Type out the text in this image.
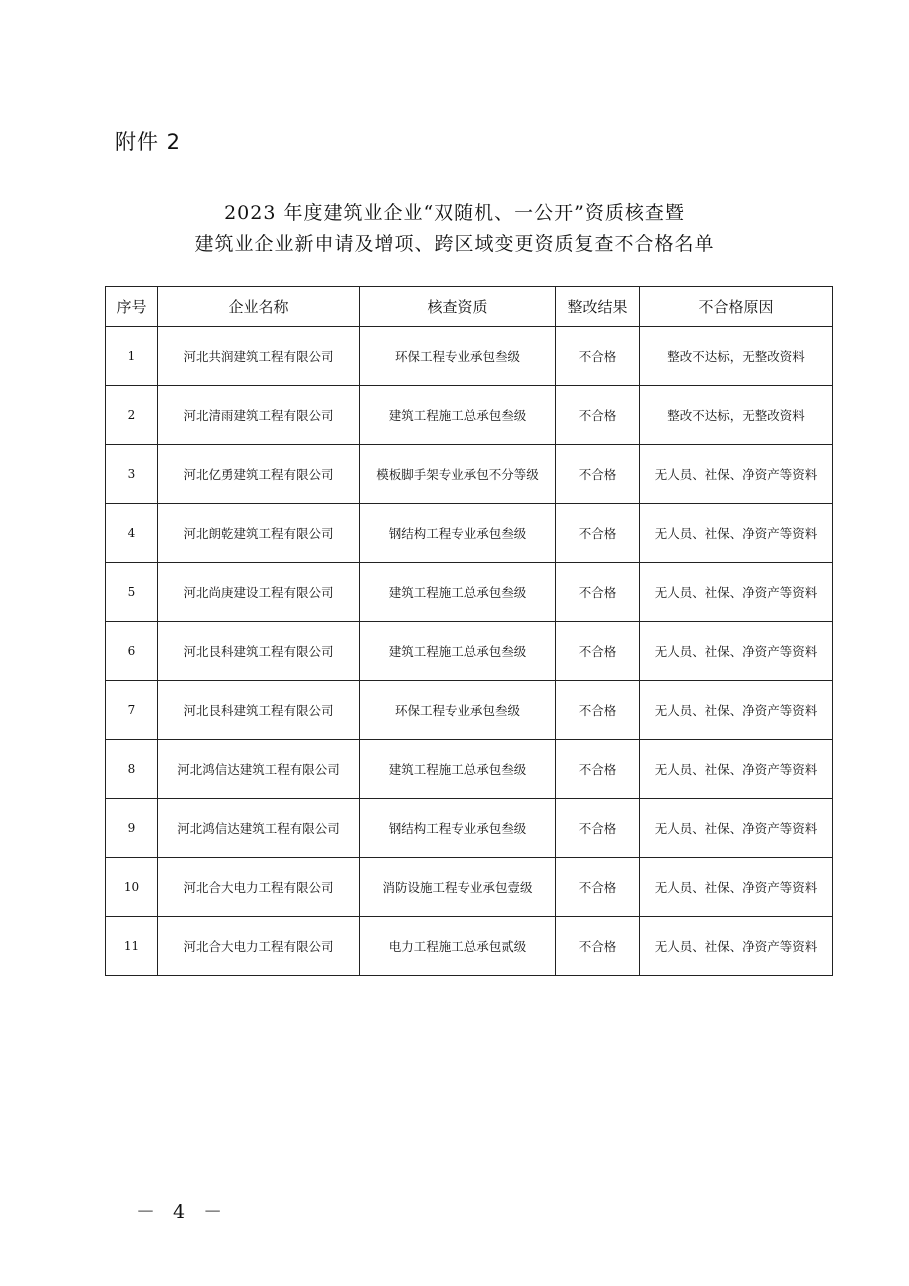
附件 2
2023 年度建筑业企业“双随机、一公开”资质核查暨
建筑业企业新申请及增项、跨区域变更资质复查不合格名单
序号	企业名称	核查资质	整改结果	不合格原因
1	河北共润建筑工程有限公司	环保工程专业承包叁级	不合格	整改不达标，无整改资料
2	河北清雨建筑工程有限公司	建筑工程施工总承包叁级	不合格	整改不达标，无整改资料
3	河北亿勇建筑工程有限公司	模板脚手架专业承包不分等级	不合格	无人员、社保、净资产等资料
4	河北朗乾建筑工程有限公司	钢结构工程专业承包叁级	不合格	无人员、社保、净资产等资料
5	河北尚庚建设工程有限公司	建筑工程施工总承包叁级	不合格	无人员、社保、净资产等资料
6	河北艮科建筑工程有限公司	建筑工程施工总承包叁级	不合格	无人员、社保、净资产等资料
7	河北艮科建筑工程有限公司	环保工程专业承包叁级	不合格	无人员、社保、净资产等资料
8	河北鸿信达建筑工程有限公司	建筑工程施工总承包叁级	不合格	无人员、社保、净资产等资料
9	河北鸿信达建筑工程有限公司	钢结构工程专业承包叁级	不合格	无人员、社保、净资产等资料
10	河北合大电力工程有限公司	消防设施工程专业承包壹级	不合格	无人员、社保、净资产等资料
11	河北合大电力工程有限公司	电力工程施工总承包贰级	不合格	无人员、社保、净资产等资料
－ 4 －
